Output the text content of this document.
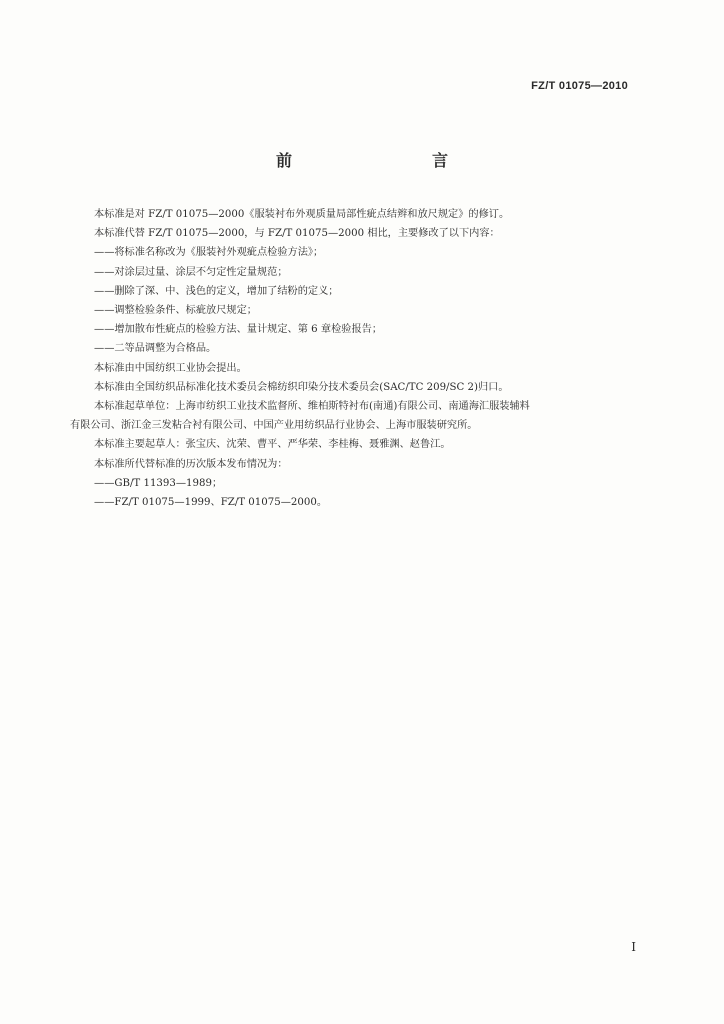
FZ/T 01075—2010
前　　言
本标准是对 FZ/T 01075—2000《服装衬布外观质量局部性疵点结辫和放尺规定》的修订。
本标准代替 FZ/T 01075—2000，与 FZ/T 01075—2000 相比，主要修改了以下内容：
——将标准名称改为《服装衬外观疵点检验方法》；
——对涂层过量、涂层不匀定性定量规范；
——删除了深、中、浅色的定义，增加了结粉的定义；
——调整检验条件、标疵放尺规定；
——增加散布性疵点的检验方法、量计规定、第 6 章检验报告；
——二等品调整为合格品。
本标准由中国纺织工业协会提出。
本标准由全国纺织品标准化技术委员会棉纺织印染分技术委员会(SAC/TC 209/SC 2)归口。
本标准起草单位：上海市纺织工业技术监督所、维柏斯特衬布(南通)有限公司、南通海汇服装辅料
有限公司、浙江金三发粘合衬有限公司、中国产业用纺织品行业协会、上海市服装研究所。
本标准主要起草人：张宝庆、沈荣、曹平、严华荣、李桂梅、聂雅渊、赵鲁江。
本标准所代替标准的历次版本发布情况为：
——GB/T 11393—1989；
——FZ/T 01075—1999、FZ/T 01075—2000。
I
